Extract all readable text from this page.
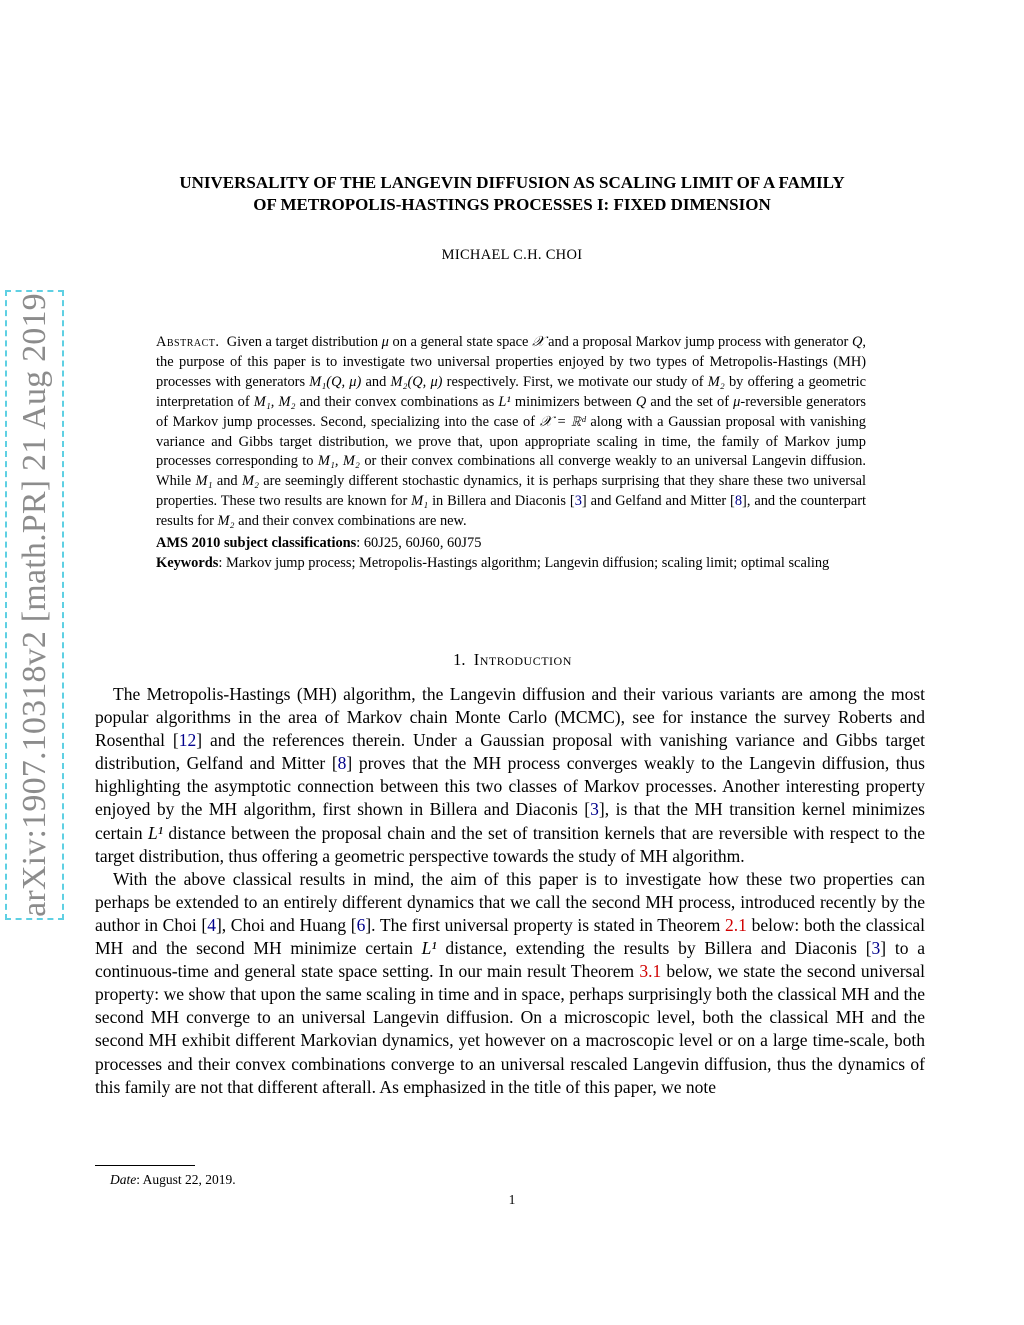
arXiv:1907.10318v2 [math.PR] 21 Aug 2019
UNIVERSALITY OF THE LANGEVIN DIFFUSION AS SCALING LIMIT OF A FAMILY
OF METROPOLIS-HASTINGS PROCESSES I: FIXED DIMENSION
MICHAEL C.H. CHOI
Abstract. Given a target distribution μ on a general state space 𝒳 and a proposal Markov jump process with generator Q, the purpose of this paper is to investigate two universal properties enjoyed by two types of Metropolis-Hastings (MH) processes with generators M₁(Q, μ) and M₂(Q, μ) respectively. First, we motivate our study of M₂ by offering a geometric interpretation of M₁, M₂ and their convex combinations as L¹ minimizers between Q and the set of μ-reversible generators of Markov jump processes. Second, specializing into the case of 𝒳 = ℝᵈ along with a Gaussian proposal with vanishing variance and Gibbs target distribution, we prove that, upon appropriate scaling in time, the family of Markov jump processes corresponding to M₁, M₂ or their convex combinations all converge weakly to an universal Langevin diffusion. While M₁ and M₂ are seemingly different stochastic dynamics, it is perhaps surprising that they share these two universal properties. These two results are known for M₁ in Billera and Diaconis [3] and Gelfand and Mitter [8], and the counterpart results for M₂ and their convex combinations are new.
AMS 2010 subject classifications: 60J25, 60J60, 60J75
Keywords: Markov jump process; Metropolis-Hastings algorithm; Langevin diffusion; scaling limit; optimal scaling
1. Introduction

The Metropolis-Hastings (MH) algorithm, the Langevin diffusion and their various variants are among the most popular algorithms in the area of Markov chain Monte Carlo (MCMC), see for instance the survey Roberts and Rosenthal [12] and the references therein. Under a Gaussian proposal with vanishing variance and Gibbs target distribution, Gelfand and Mitter [8] proves that the MH process converges weakly to the Langevin diffusion, thus highlighting the asymptotic connection between this two classes of Markov processes. Another interesting property enjoyed by the MH algorithm, first shown in Billera and Diaconis [3], is that the MH transition kernel minimizes certain L¹ distance between the proposal chain and the set of transition kernels that are reversible with respect to the target distribution, thus offering a geometric perspective towards the study of MH algorithm.

With the above classical results in mind, the aim of this paper is to investigate how these two properties can perhaps be extended to an entirely different dynamics that we call the second MH process, introduced recently by the author in Choi [4], Choi and Huang [6]. The first universal property is stated in Theorem 2.1 below: both the classical MH and the second MH minimize certain L¹ distance, extending the results by Billera and Diaconis [3] to a continuous-time and general state space setting. In our main result Theorem 3.1 below, we state the second universal property: we show that upon the same scaling in time and in space, perhaps surprisingly both the classical MH and the second MH converge to an universal Langevin diffusion. On a microscopic level, both the classical MH and the second MH exhibit different Markovian dynamics, yet however on a macroscopic level or on a large time-scale, both processes and their convex combinations converge to an universal rescaled Langevin diffusion, thus the dynamics of this family are not that different afterall. As emphasized in the title of this paper, we note

Date: August 22, 2019.
1
